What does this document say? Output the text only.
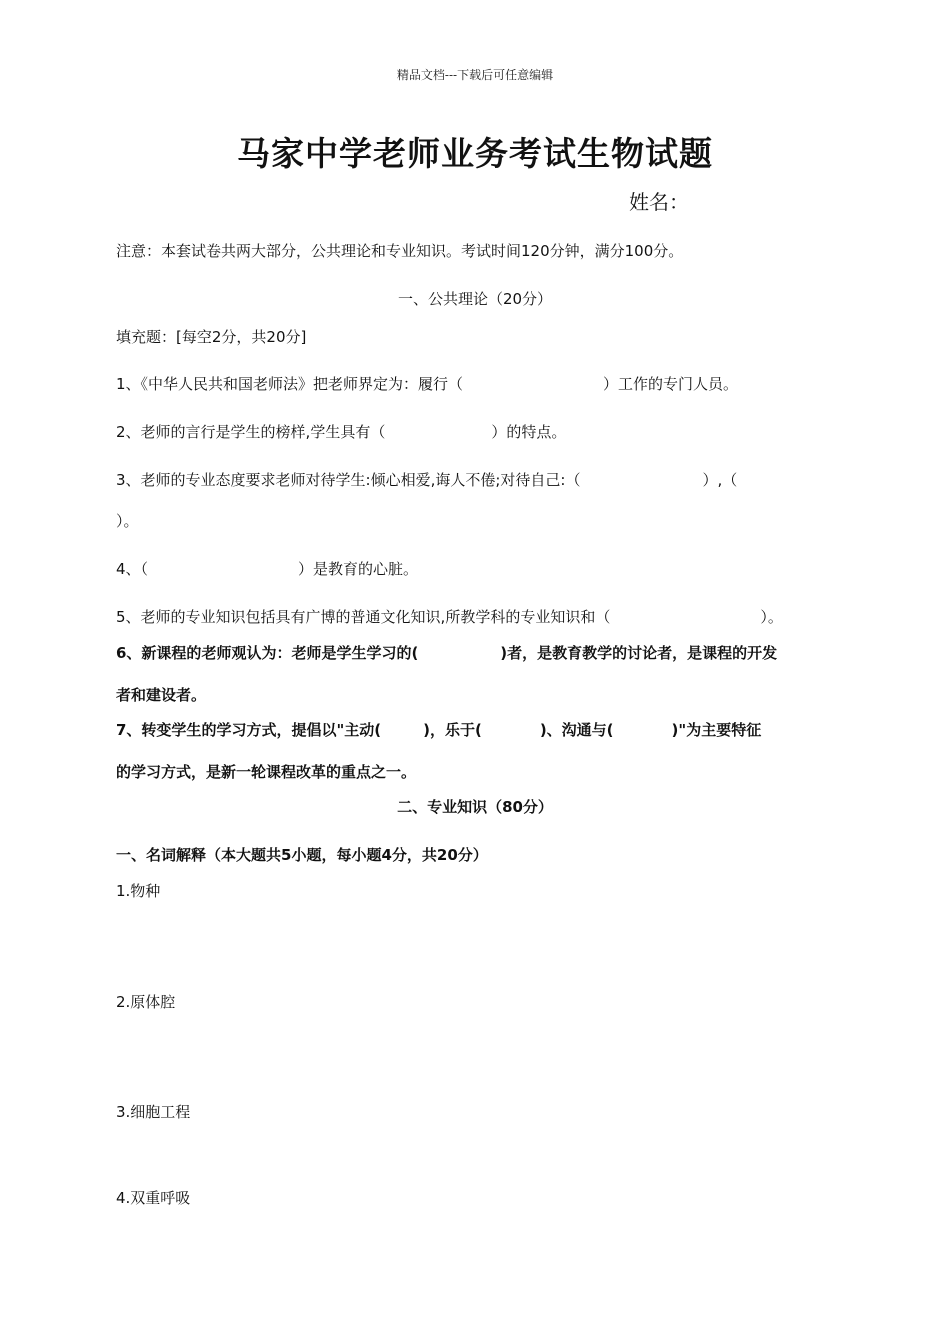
精品文档---下载后可任意编辑
马家中学老师业务考试生物试题
姓名：
注意：本套试卷共两大部分，公共理论和专业知识。考试时间120分钟，满分100分。
一、公共理论（20分）
填充题：[每空2分，共20分]
1、《中华人民共和国老师法》把老师界定为：履行（	）工作的专门人员。
2、老师的言行是学生的榜样,学生具有（	）的特点。
3、老师的专业态度要求老师对待学生:倾心相爱,诲人不倦;对待自己:（	）,（
）。
4、（	）是教育的心脏。
5、老师的专业知识包括具有广博的普通文化知识,所教学科的专业知识和（	）。
6、新课程的老师观认为：老师是学生学习的(	)者，是教育教学的讨论者，是课程的开发
者和建设者。
7、转变学生的学习方式，提倡以"主动(	)，乐于(	)、沟通与(	)"为主要特征
的学习方式，是新一轮课程改革的重点之一。
二、专业知识（80分）
一、名词解释（本大题共5小题，每小题4分，共20分）
1.物种
2.原体腔
3.细胞工程
4.双重呼吸
